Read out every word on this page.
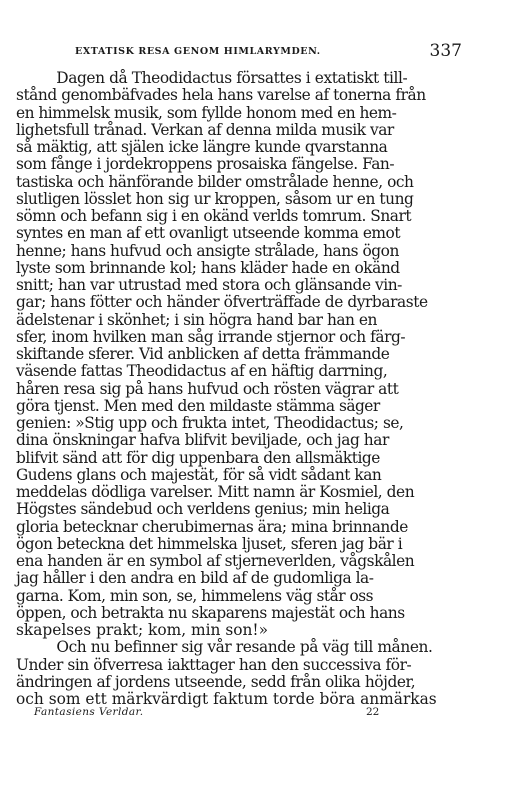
EXTATISK RESA GENOM HIMLARYMDEN.	337
Dagen då Theodidactus försattes i extatiskt till-
stånd genombäfvades hela hans varelse af tonerna från
en himmelsk musik, som fyllde honom med en hem-
lighetsfull trånad. Verkan af denna milda musik var
så mäktig, att själen icke längre kunde qvarstanna
som fånge i jordekroppens prosaiska fängelse. Fan-
tastiska och hänförande bilder omstrålade henne, och
slutligen lösslet hon sig ur kroppen, såsom ur en tung
sömn och befann sig i en okänd verlds tomrum. Snart
syntes en man af ett ovanligt utseende komma emot
henne; hans hufvud och ansigte strålade, hans ögon
lyste som brinnande kol; hans kläder hade en okänd
snitt; han var utrustad med stora och glänsande vin-
gar; hans fötter och händer öfverträffade de dyrbaraste
ädelstenar i skönhet; i sin högra hand bar han en
sfer, inom hvilken man såg irrande stjernor och färg-
skiftande sferer. Vid anblicken af detta främmande
väsende fattas Theodidactus af en häftig darrning,
håren resa sig på hans hufvud och rösten vägrar att
göra tjenst. Men med den mildaste stämma säger
genien: »Stig upp och frukta intet, Theodidactus; se,
dina önskningar hafva blifvit beviljade, och jag har
blifvit sänd att för dig uppenbara den allsmäktige
Gudens glans och majestät, för så vidt sådant kan
meddelas dödliga varelser. Mitt namn är Kosmiel, den
Högstes sändebud och verldens genius; min heliga
gloria betecknar cherubimernas ära; mina brinnande
ögon beteckna det himmelska ljuset, sferen jag bär i
ena handen är en symbol af stjerneverlden, vågskålen
jag håller i den andra en bild af de gudomliga la-
garna. Kom, min son, se, himmelens väg står oss
öppen, och betrakta nu skaparens majestät och hans
skapelses prakt; kom, min son!»
Och nu befinner sig vår resande på väg till månen.
Under sin öfverresa iakttager han den successiva för-
ändringen af jordens utseende, sedd från olika höjder,
och som ett märkvärdigt faktum torde böra anmärkas
Fantasiens Verldar.	22
